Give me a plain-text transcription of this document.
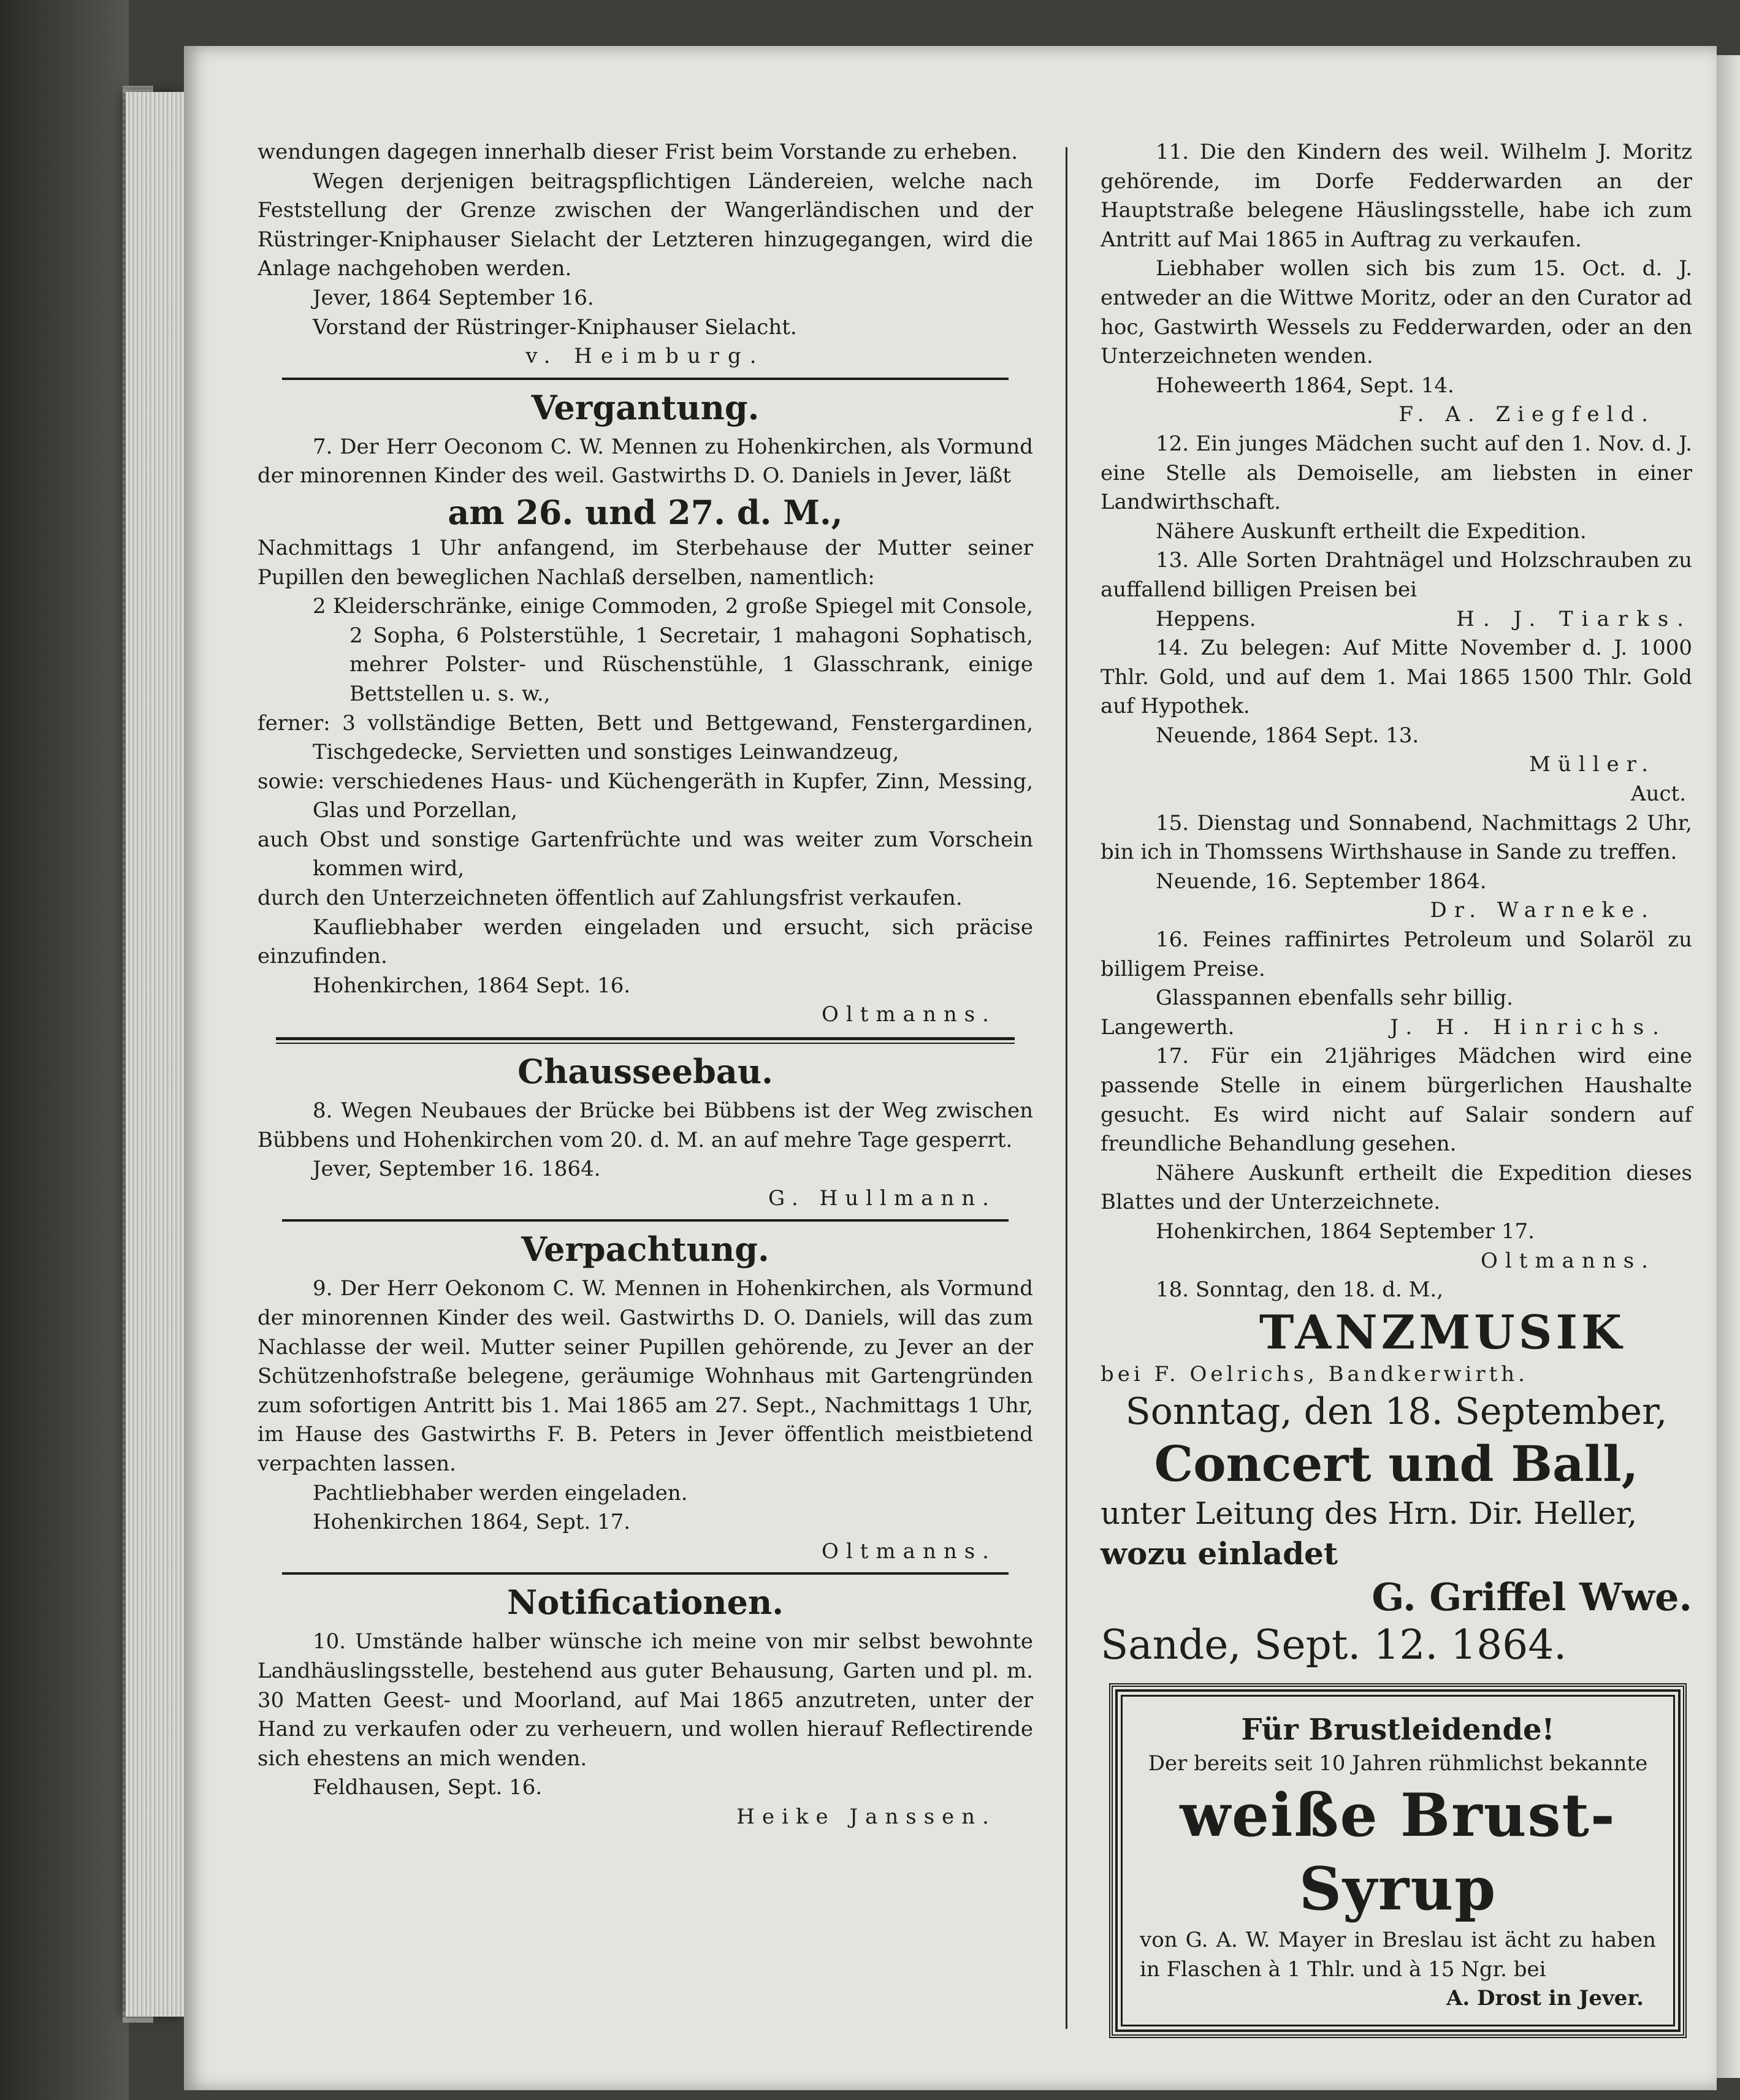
wendungen dagegen innerhalb dieser Frist beim Vorstande zu erheben.

Wegen derjenigen beitragspflichtigen Ländereien, welche nach Feststellung der Grenze zwischen der Wangerländischen und der Rüstringer-Kniphauser Sielacht der Letzteren hinzugegangen, wird die Anlage nachgehoben werden.

Jever, 1864 September 16.

Vorstand der Rüstringer-Kniphauser Sielacht.

v. Heimburg.

Vergantung.

7. Der Herr Oeconom C. W. Mennen zu Hohenkirchen, als Vormund der minorennen Kinder des weil. Gastwirths D. O. Daniels in Jever, läßt

am 26. und 27. d. M.,

Nachmittags 1 Uhr anfangend, im Sterbehause der Mutter seiner Pupillen den beweglichen Nachlaß derselben, namentlich:

2 Kleiderschränke, einige Commoden, 2 große Spiegel mit Console, 2 Sopha, 6 Polsterstühle, 1 Secretair, 1 mahagoni Sophatisch, mehrer Polster- und Rüschenstühle, 1 Glasschrank, einige Bettstellen u. s. w.,

ferner: 3 vollständige Betten, Bett und Bettgewand, Fenstergardinen, Tischgedecke, Servietten und sonstiges Leinwandzeug,

sowie: verschiedenes Haus- und Küchengeräth in Kupfer, Zinn, Messing, Glas und Porzellan,

auch Obst und sonstige Gartenfrüchte und was weiter zum Vorschein kommen wird,

durch den Unterzeichneten öffentlich auf Zahlungsfrist verkaufen.

Kaufliebhaber werden eingeladen und ersucht, sich präcise einzufinden.

Hohenkirchen, 1864 Sept. 16.

Oltmanns.

Chausseebau.

8. Wegen Neubaues der Brücke bei Bübbens ist der Weg zwischen Bübbens und Hohenkirchen vom 20. d. M. an auf mehre Tage gesperrt.

Jever, September 16. 1864.

G. Hullmann.

Verpachtung.

9. Der Herr Oekonom C. W. Mennen in Hohenkirchen, als Vormund der minorennen Kinder des weil. Gastwirths D. O. Daniels, will das zum Nachlasse der weil. Mutter seiner Pupillen gehörende, zu Jever an der Schützenhofstraße belegene, geräumige Wohnhaus mit Gartengründen zum sofortigen Antritt bis 1. Mai 1865 am 27. Sept., Nachmittags 1 Uhr, im Hause des Gastwirths F. B. Peters in Jever öffentlich meistbietend verpachten lassen.

Pachtliebhaber werden eingeladen.

Hohenkirchen 1864, Sept. 17.

Oltmanns.

Notificationen.

10. Umstände halber wünsche ich meine von mir selbst bewohnte Landhäuslingsstelle, bestehend aus guter Behausung, Garten und pl. m. 30 Matten Geest- und Moorland, auf Mai 1865 anzutreten, unter der Hand zu verkaufen oder zu verheuern, und wollen hierauf Reflectirende sich ehestens an mich wenden.

Feldhausen, Sept. 16.

Heike Janssen.

11. Die den Kindern des weil. Wilhelm J. Moritz gehörende, im Dorfe Fedderwarden an der Hauptstraße belegene Häuslingsstelle, habe ich zum Antritt auf Mai 1865 in Auftrag zu verkaufen.

Liebhaber wollen sich bis zum 15. Oct. d. J. entweder an die Wittwe Moritz, oder an den Curator ad hoc, Gastwirth Wessels zu Fedderwarden, oder an den Unterzeichneten wenden.

Hoheweerth 1864, Sept. 14.

F. A. Ziegfeld.

12. Ein junges Mädchen sucht auf den 1. Nov. d. J. eine Stelle als Demoiselle, am liebsten in einer Landwirthschaft.

Nähere Auskunft ertheilt die Expedition.

13. Alle Sorten Drahtnägel und Holzschrauben zu auffallend billigen Preisen bei

Heppens.	H. J. Tiarks.

14. Zu belegen: Auf Mitte November d. J. 1000 Thlr. Gold, und auf dem 1. Mai 1865 1500 Thlr. Gold auf Hypothek.

Neuende, 1864 Sept. 13.

Müller.

Auct.

15. Dienstag und Sonnabend, Nachmittags 2 Uhr, bin ich in Thomssens Wirthshause in Sande zu treffen.

Neuende, 16. September 1864.

Dr. Warneke.

16. Feines raffinirtes Petroleum und Solaröl zu billigem Preise.

Glasspannen ebenfalls sehr billig.

Langewerth.	J. H. Hinrichs.

17. Für ein 21jähriges Mädchen wird eine passende Stelle in einem bürgerlichen Haushalte gesucht. Es wird nicht auf Salair sondern auf freundliche Behandlung gesehen.

Nähere Auskunft ertheilt die Expedition dieses Blattes und der Unterzeichnete.

Hohenkirchen, 1864 September 17.

Oltmanns.

18. Sonntag, den 18. d. M.,

TANZMUSIK

bei F. Oelrichs, Bandkerwirth.

Sonntag, den 18. September,
Concert und Ball,
unter Leitung des Hrn. Dir. Heller,
wozu einladet
G. Griffel Wwe.
Sande, Sept. 12. 1864.
Für Brustleidende!

Der bereits seit 10 Jahren rühmlichst bekannte

weiße Brust-Syrup

von G. A. W. Mayer in Breslau ist ächt zu haben in Flaschen à 1 Thlr. und à 15 Ngr. bei

A. Drost in Jever.
